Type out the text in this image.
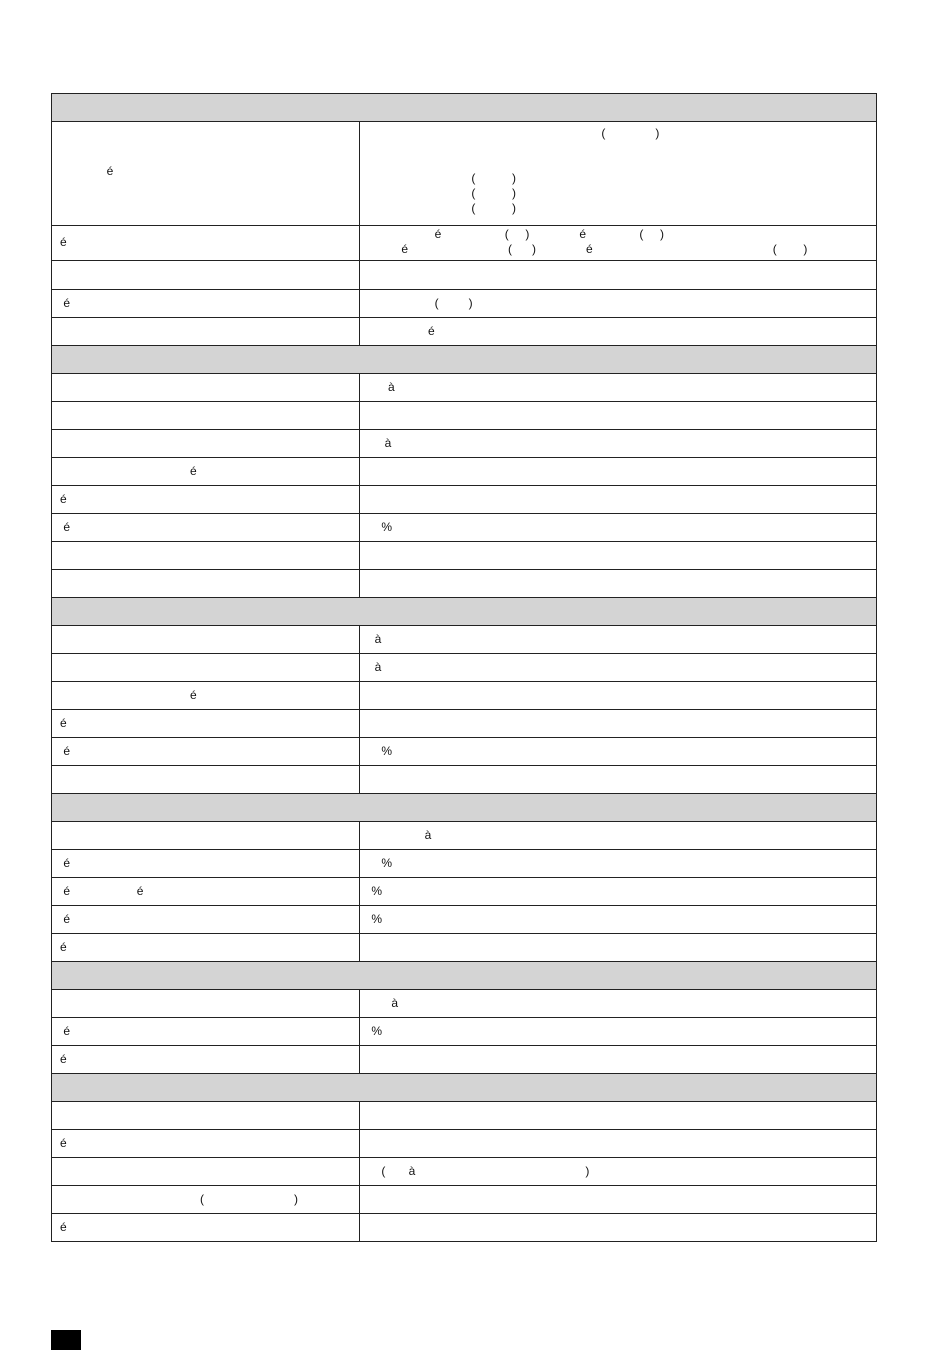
é	(               )

(           )
(           )
(           )

é	é                   (     )               é                (     )
é                              (      )               é                                                      (        )

é	(         )

	é

	à

	à

é	

é	

é	%

	à

	à

é	

é	

é	%

	à

é	%

é                    é	%

é	%

é	

	à

é	%

é	

é	

	(       à                                                   )

(                           )	

é	
